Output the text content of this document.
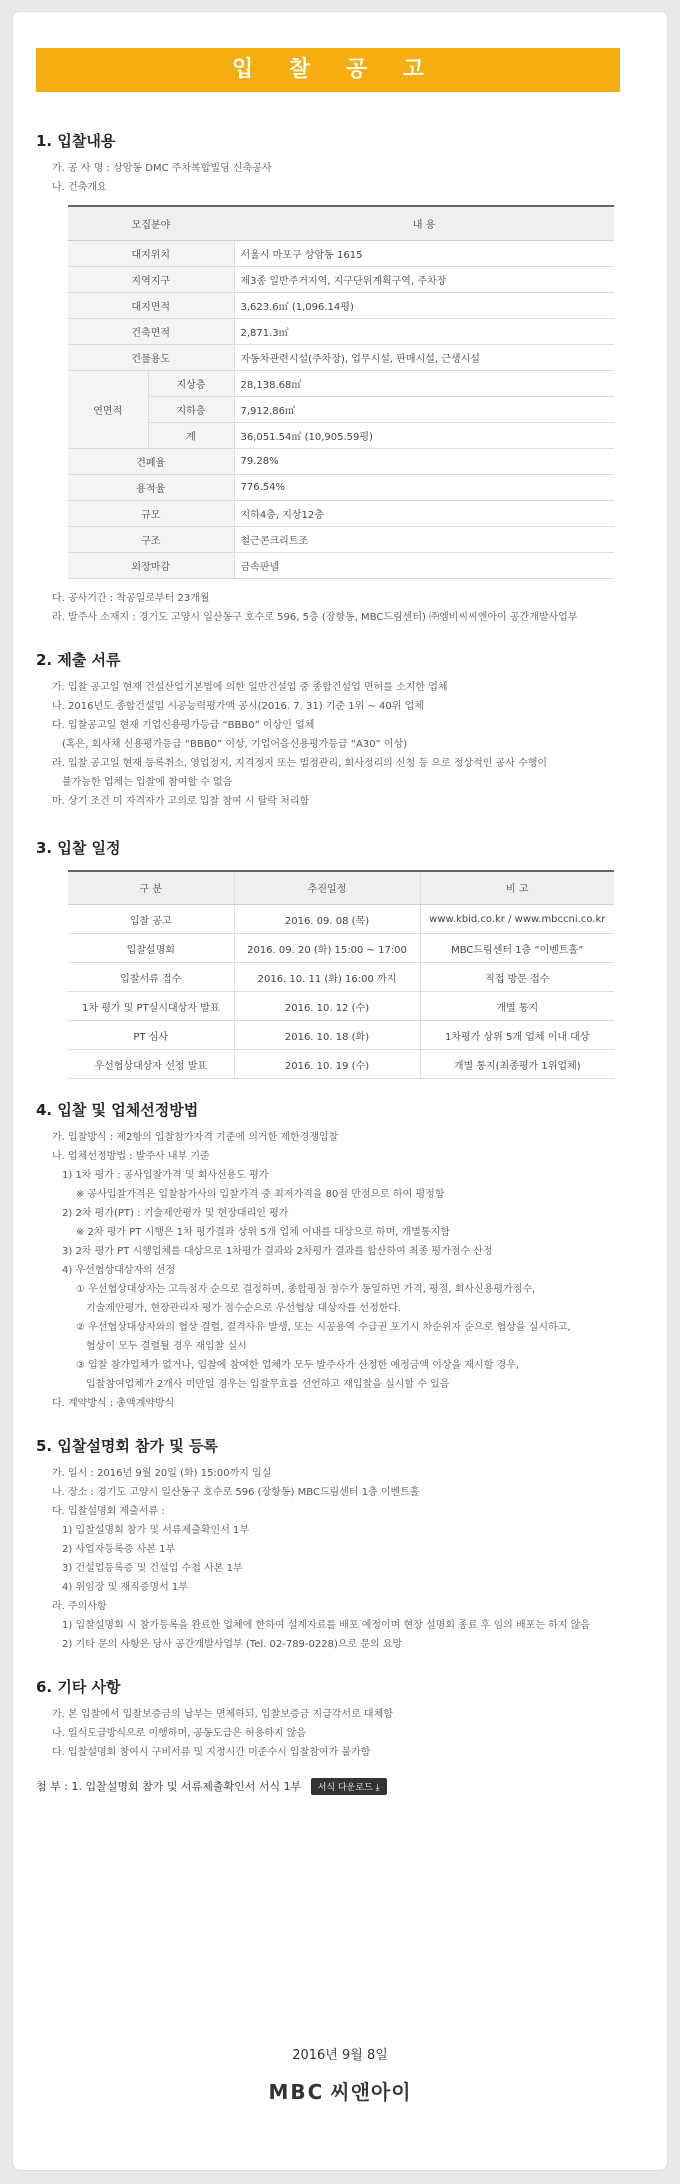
입 찰 공 고
1. 입찰내용
가. 공 사 명 : 상암동 DMC 주차복합빌딩 신축공사
나. 건축개요
모집분야		내 용
대지위치		서울시 마포구 상암동 1615
지역지구		제3종 일반주거지역, 지구단위계획구역, 주차장
대지면적		3,623.6㎡ (1,096.14평)
건축면적		2,871.3㎡
건물용도		자동차관련시설(주차장), 업무시설, 판매시설, 근생시설
연면적	지상층	28,138.68㎡
	지하층	7,912.86㎡
	계	36,051.54㎡ (10,905.59평)
건폐율		79.28%
용적율		776.54%
규모		지하4층, 지상12층
구조		철근콘크리트조
외장마감		금속판넬
다. 공사기간 : 착공일로부터 23개월
라. 발주사 소재지 : 경기도 고양시 일산동구 호수로 596, 5층 (장항동, MBC드림센터) ㈜엠비씨씨엔아이 공간개발사업부
2. 제출 서류
가. 입찰 공고일 현재 건설산업기본법에 의한 일반건설업 중 종합건설업 면허를 소지한 업체
나. 2016년도 종합건설업 시공능력평가액 공시(2016. 7. 31) 기준 1위 ~ 40위 업체
다. 입찰공고일 현재 기업신용평가등급 “BBB0” 이상인 업체
(혹은, 회사채 신용평가등급 “BBB0” 이상, 기업어음신용평가등급 “A30” 이상)
라. 입찰 공고일 현재 등록취소, 영업정지, 지격정지 또는 법정관리, 회사정리의 신청 등 으로 정상적인 공사 수행이
불가능한 업체는 입찰에 참여할 수 없음
마. 상기 조건 미 자격자가 고의로 입찰 참여 시 탈락 처리함
3. 입찰 일정
구 분	추진일정	비 고
입찰 공고	2016. 09. 08 (목)	www.kbid.co.kr / www.mbccni.co.kr
입찰설명회	2016. 09. 20 (화) 15:00 ~ 17:00	MBC드림센터 1층 “이벤트홀”
입찰서류 접수	2016. 10. 11 (화) 16:00 까지	직접 방문 접수
1차 평가 및 PT실시대상자 발표	2016. 10. 12 (수)	개별 통지
PT 심사	2016. 10. 18 (화)	1차평가 상위 5개 업체 이내 대상
우선협상대상자 선정 발표	2016. 10. 19 (수)	개별 통지(최종평가 1위업체)
4. 입찰 및 업체선정방법
가. 입찰방식 : 제2항의 입찰참가자격 기준에 의거한 제한경쟁입찰
나. 업체선정방법 : 발주사 내부 기준
1) 1차 평가 : 공사입찰가격 및 회사신용도 평가
※ 공사입찰가격은 입찰참가사의 입찰가격 중 최저가격을 80점 만점으로 하여 평정함
2) 2차 평가(PT) : 기술제안평가 및 현장대리인 평가
※ 2차 평가 PT 시행은 1차 평가결과 상위 5개 업체 이내를 대상으로 하며, 개별통지함
3) 2차 평가 PT 시행업체를 대상으로 1차평가 결과와 2차평가 결과를 합산하여 최종 평가점수 산정
4) 우선협상대상자의 선정
① 우선협상대상자는 고득점자 순으로 결정하며, 종합평점 점수가 동일하면 가격, 평점, 회사신용평가점수,
기술제안평가, 현장관리자 평가 점수순으로 우선협상 대상자를 선정한다.
② 우선협상대상자와의 협상 결렬, 결격사유 발생, 또는 시공용역 수급권 포기시 차순위자 순으로 협상을 실시하고,
협상이 모두 결렬될 경우 재입찰 실시
③ 입찰 참가업체가 없거나, 입찰에 참여한 업체가 모두 발주사가 산정한 예정금액 이상을 제시할 경우,
입찰참여업체가 2개사 미만일 경우는 입찰무효를 선언하고 재입찰을 실시할 수 있음
다. 계약방식 : 총액계약방식
5. 입찰설명회 참가 및 등록
가. 일시 : 2016년 9월 20일 (화) 15:00까지 입실
나. 장소 : 경기도 고양시 일산동구 호수로 596 (장항동) MBC드림센터 1층 이벤트홀
다. 입찰설명회 제출서류 :
1) 입찰설명회 참가 및 서류제출확인서 1부
2) 사업자등록증 사본 1부
3) 건설업등록증 및 건설업 수첩 사본 1부
4) 위임장 및 재직증명서 1부
라. 주의사항
1) 입찰설명회 시 참가등록을 완료한 업체에 한하여 설계자료를 배포 예정이며 현장 설명회 종료 후 임의 배포는 하지 않음
2) 기타 문의 사항은 당사 공간개발사업부 (Tel. 02-789-0228)으로 문의 요망
6. 기타 사항
가. 본 입찰에서 입찰보증금의 납부는 면제하되, 입찰보증금 지급각서로 대체함
나. 일식도급방식으로 이행하며, 공동도급은 허용하지 않음
다. 입찰설명회 참여시 구비서류 및 지정시간 미준수시 입찰참여가 불가함
첨 부 : 1. 입찰설명회 참가 및 서류제출확인서 서식 1부 서식 다운로드 ⤓
2016년 9월 8일
MBC 씨앤아이
